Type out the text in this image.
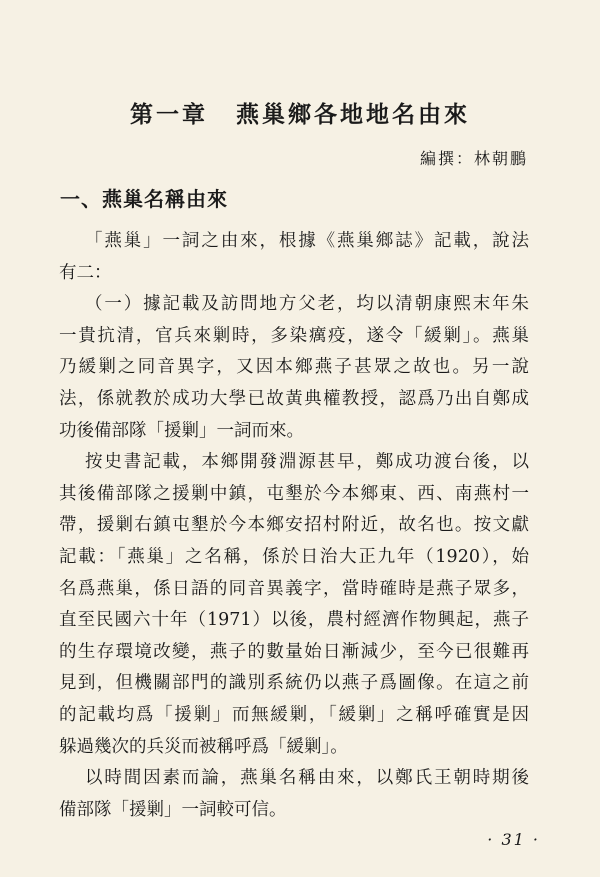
第一章 燕巢鄉各地地名由來
編撰：林朝鵬
一、燕巢名稱由來

「燕巢」一詞之由來，根據《燕巢鄉誌》記載，說法
有二：

（一）據記載及訪問地方父老，均以清朝康熙末年朱
一貴抗清，官兵來剿時，多染癘疫，遂令「緩剿」。燕巢
乃緩剿之同音異字，又因本鄉燕子甚眾之故也。另一說
法，係就教於成功大學已故黃典權教授，認爲乃出自鄭成
功後備部隊「援剿」一詞而來。

按史書記載，本鄉開發淵源甚早，鄭成功渡台後，以
其後備部隊之援剿中鎮，屯墾於今本鄉東、西、南燕村一
帶，援剿右鎮屯墾於今本鄉安招村附近，故名也。按文獻
記載：「燕巢」之名稱，係於日治大正九年（1920），始
名爲燕巢，係日語的同音異義字，當時確時是燕子眾多，
直至民國六十年（1971）以後，農村經濟作物興起，燕子
的生存環境改變，燕子的數量始日漸減少，至今已很難再
見到，但機關部門的識別系統仍以燕子爲圖像。在這之前
的記載均爲「援剿」而無緩剿，「緩剿」之稱呼確實是因
躲過幾次的兵災而被稱呼爲「緩剿」。

以時間因素而論，燕巢名稱由來，以鄭氏王朝時期後
備部隊「援剿」一詞較可信。

· 31 ·
